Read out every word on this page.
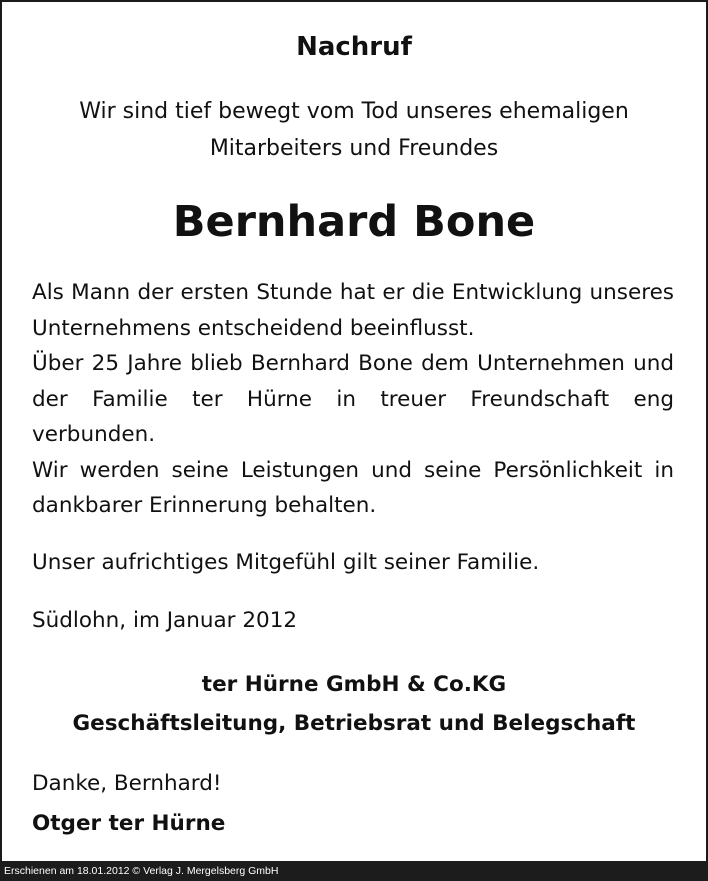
Nachruf
Wir sind tief bewegt vom Tod unseres ehemaligen
Mitarbeiters und Freundes
Bernhard Bone

Als Mann der ersten Stunde hat er die Entwicklung unseres Unternehmens entscheidend beeinflusst.

Über 25 Jahre blieb Bernhard Bone dem Unternehmen und der Familie ter Hürne in treuer Freundschaft eng verbunden.

Wir werden seine Leistungen und seine Persönlichkeit in dankbarer Erinnerung behalten.

Unser aufrichtiges Mitgefühl gilt seiner Familie.
Südlohn, im Januar 2012
ter Hürne GmbH & Co.KG
Geschäftsleitung, Betriebsrat und Belegschaft
Danke, Bernhard!
Otger ter Hürne
Erschienen am 18.01.2012 © Verlag J. Mergelsberg GmbH
